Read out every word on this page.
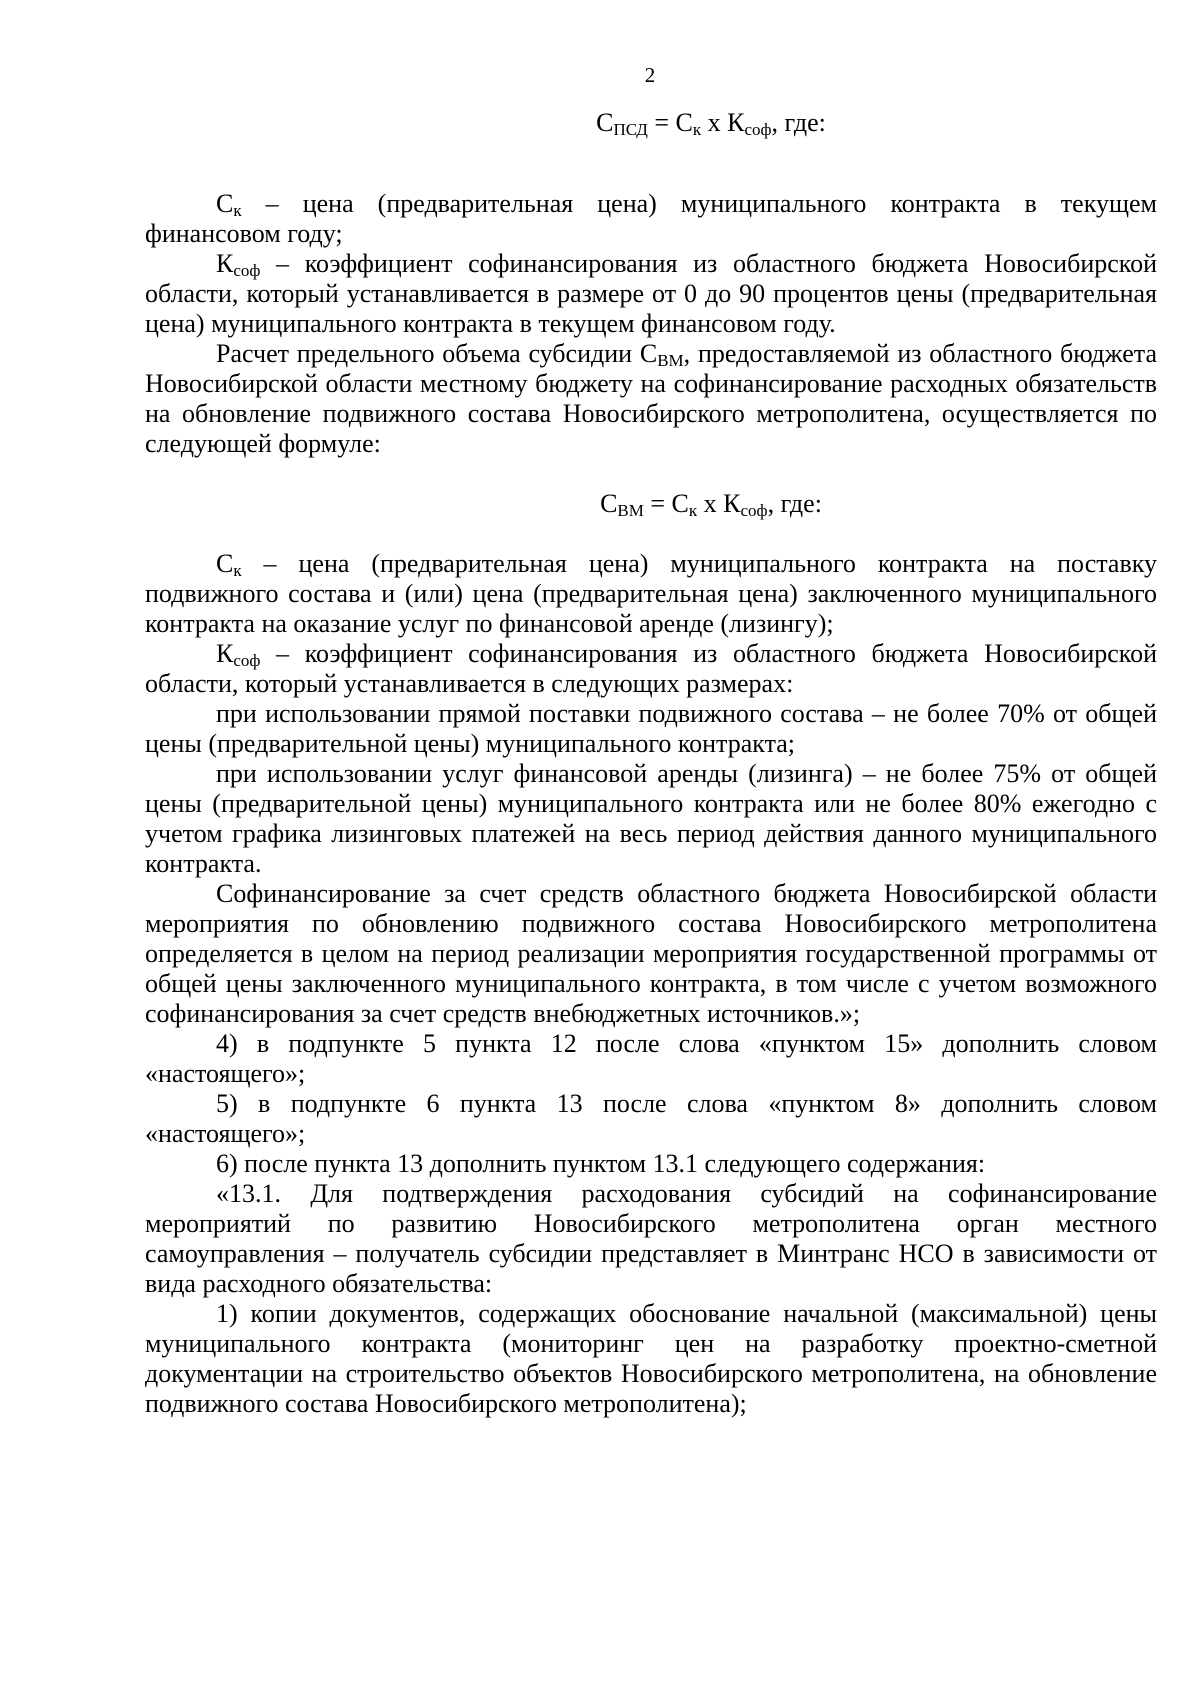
2

$С_{ПСД} = С_к$ х $К_{соф}$, где:

$С_к$ – цена (предварительная цена) муниципального контракта в текущем финансовом году;

$К_{соф}$ – коэффициент софинансирования из областного бюджета Новосибирской области, который устанавливается в размере от 0 до 90 процентов цены (предварительная цена) муниципального контракта в текущем финансовом году.

Расчет предельного объема субсидии $С_{ВМ}$, предоставляемой из областного бюджета Новосибирской области местному бюджету на софинансирование расходных обязательств на обновление подвижного состава Новосибирского метрополитена, осуществляется по следующей формуле:

$С_{ВМ} = С_к$ х $К_{соф}$, где:

$С_к$ – цена (предварительная цена) муниципального контракта на поставку подвижного состава и (или) цена (предварительная цена) заключенного муниципального контракта на оказание услуг по финансовой аренде (лизингу);

$К_{соф}$ – коэффициент софинансирования из областного бюджета Новосибирской области, который устанавливается в следующих размерах:

при использовании прямой поставки подвижного состава – не более 70% от общей цены (предварительной цены) муниципального контракта;

при использовании услуг финансовой аренды (лизинга) – не более 75% от общей цены (предварительной цены) муниципального контракта или не более 80% ежегодно с учетом графика лизинговых платежей на весь период действия данного муниципального контракта.

Софинансирование за счет средств областного бюджета Новосибирской области мероприятия по обновлению подвижного состава Новосибирского метрополитена определяется в целом на период реализации мероприятия государственной программы от общей цены заключенного муниципального контракта, в том числе с учетом возможного софинансирования за счет средств внебюджетных источников.»;

4) в подпункте 5 пункта 12 после слова «пунктом 15» дополнить словом «настоящего»;

5) в подпункте 6 пункта 13 после слова «пунктом 8» дополнить словом «настоящего»;

6) после пункта 13 дополнить пунктом 13.1 следующего содержания:

«13.1. Для подтверждения расходования субсидий на софинансирование мероприятий по развитию Новосибирского метрополитена орган местного самоуправления – получатель субсидии представляет в Минтранс НСО в зависимости от вида расходного обязательства:

1) копии документов, содержащих обоснование начальной (максимальной) цены муниципального контракта (мониторинг цен на разработку проектно-сметной документации на строительство объектов Новосибирского метрополитена, на обновление подвижного состава Новосибирского метрополитена);
